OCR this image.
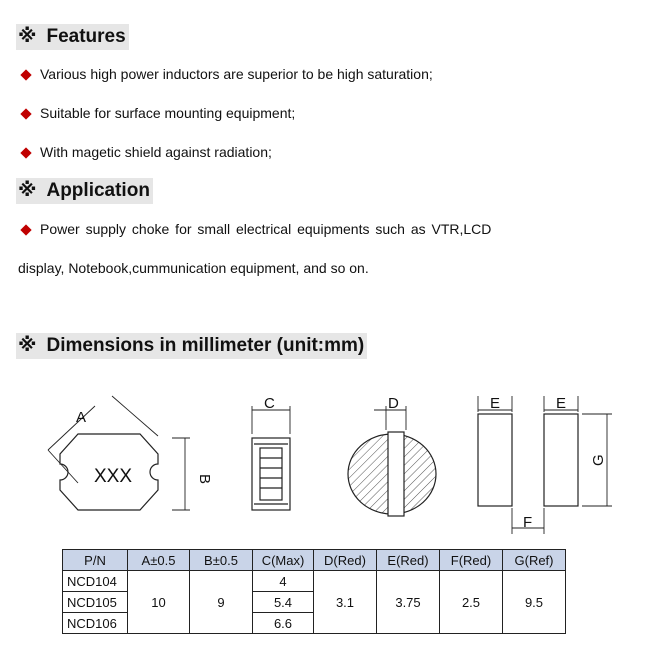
※ Features
Various high power inductors are superior to be high saturation;
Suitable for surface mounting equipment;
With magetic shield against radiation;
※ Application
Power supply choke for small electrical equipments such as VTR,LCD
display, Notebook,cummunication equipment, and so on.
※ Dimensions in millimeter (unit:mm)
A
B
C	D	E	E
F
G
XXX
P/N	A±0.5	B±0.5	C(Max)	D(Red)	E(Red)	F(Red)	G(Ref)
NCD104	10	9	4	3.1	3.75	2.5	9.5
NCD105			5.4				
NCD106			6.6				
